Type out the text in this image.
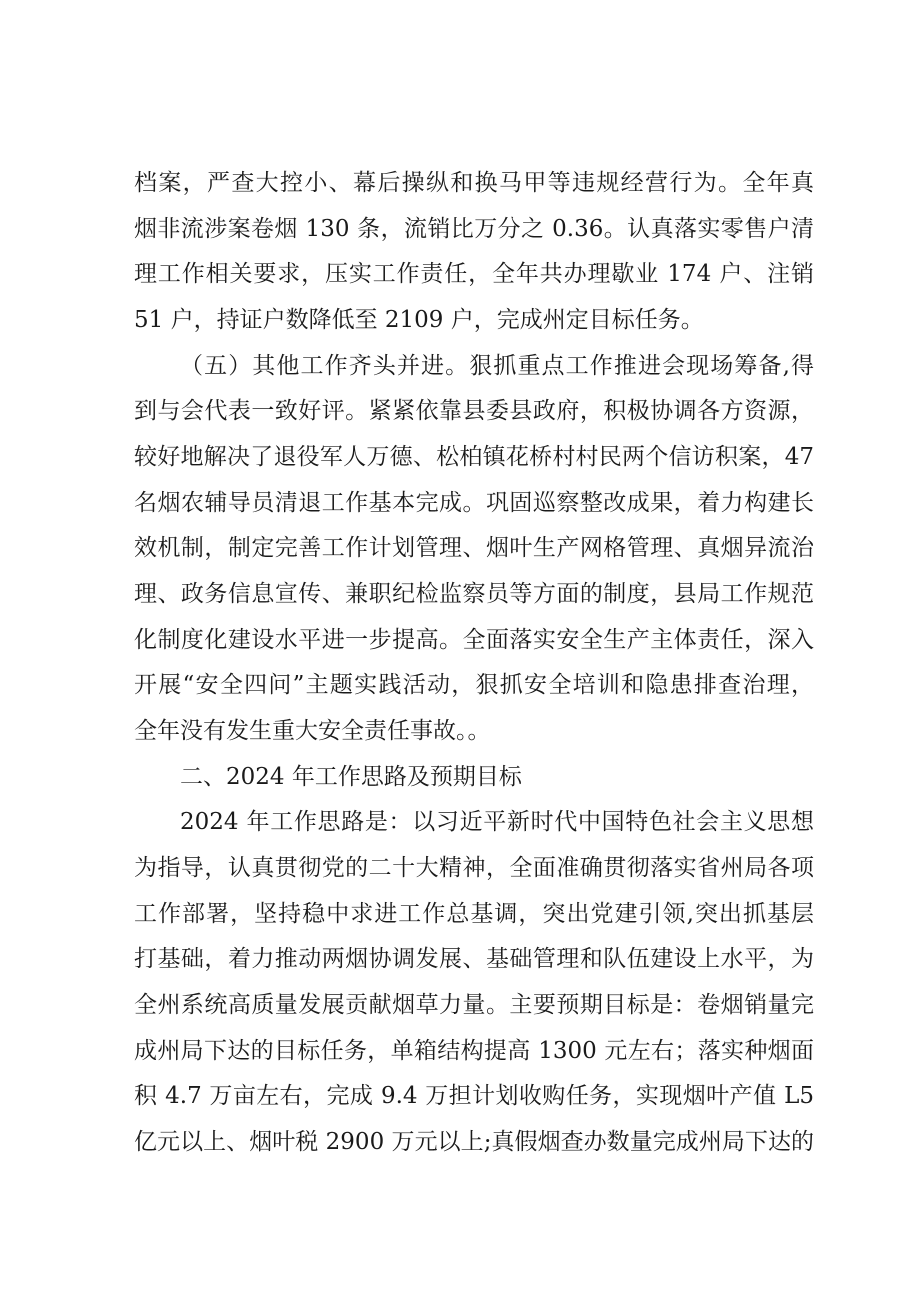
档案，严查大控小、幕后操纵和换马甲等违规经营行为。全年真
烟非流涉案卷烟 130 条，流销比万分之 0.36。认真落实零售户清
理工作相关要求，压实工作责任，全年共办理歇业 174 户、注销
51 户，持证户数降低至 2109 户，完成州定目标任务。
（五）其他工作齐头并进。狠抓重点工作推进会现场筹备,得
到与会代表一致好评。紧紧依靠县委县政府，积极协调各方资源，
较好地解决了退役军人万德、松柏镇花桥村村民两个信访积案，47
名烟农辅导员清退工作基本完成。巩固巡察整改成果，着力构建长
效机制，制定完善工作计划管理、烟叶生产网格管理、真烟异流治
理、政务信息宣传、兼职纪检监察员等方面的制度，县局工作规范
化制度化建设水平进一步提高。全面落实安全生产主体责任，深入
开展“安全四问”主题实践活动，狠抓安全培训和隐患排查治理，
全年没有发生重大安全责任事故。。
二、2024 年工作思路及预期目标
2024 年工作思路是：以习近平新时代中国特色社会主义思想
为指导，认真贯彻党的二十大精神，全面准确贯彻落实省州局各项
工作部署，坚持稳中求进工作总基调，突出党建引领,突出抓基层
打基础，着力推动两烟协调发展、基础管理和队伍建设上水平，为
全州系统高质量发展贡献烟草力量。主要预期目标是：卷烟销量完
成州局下达的目标任务，单箱结构提高 1300 元左右；落实种烟面
积 4.7 万亩左右，完成 9.4 万担计划收购任务，实现烟叶产值 L5
亿元以上、烟叶税 2900 万元以上;真假烟查办数量完成州局下达的
